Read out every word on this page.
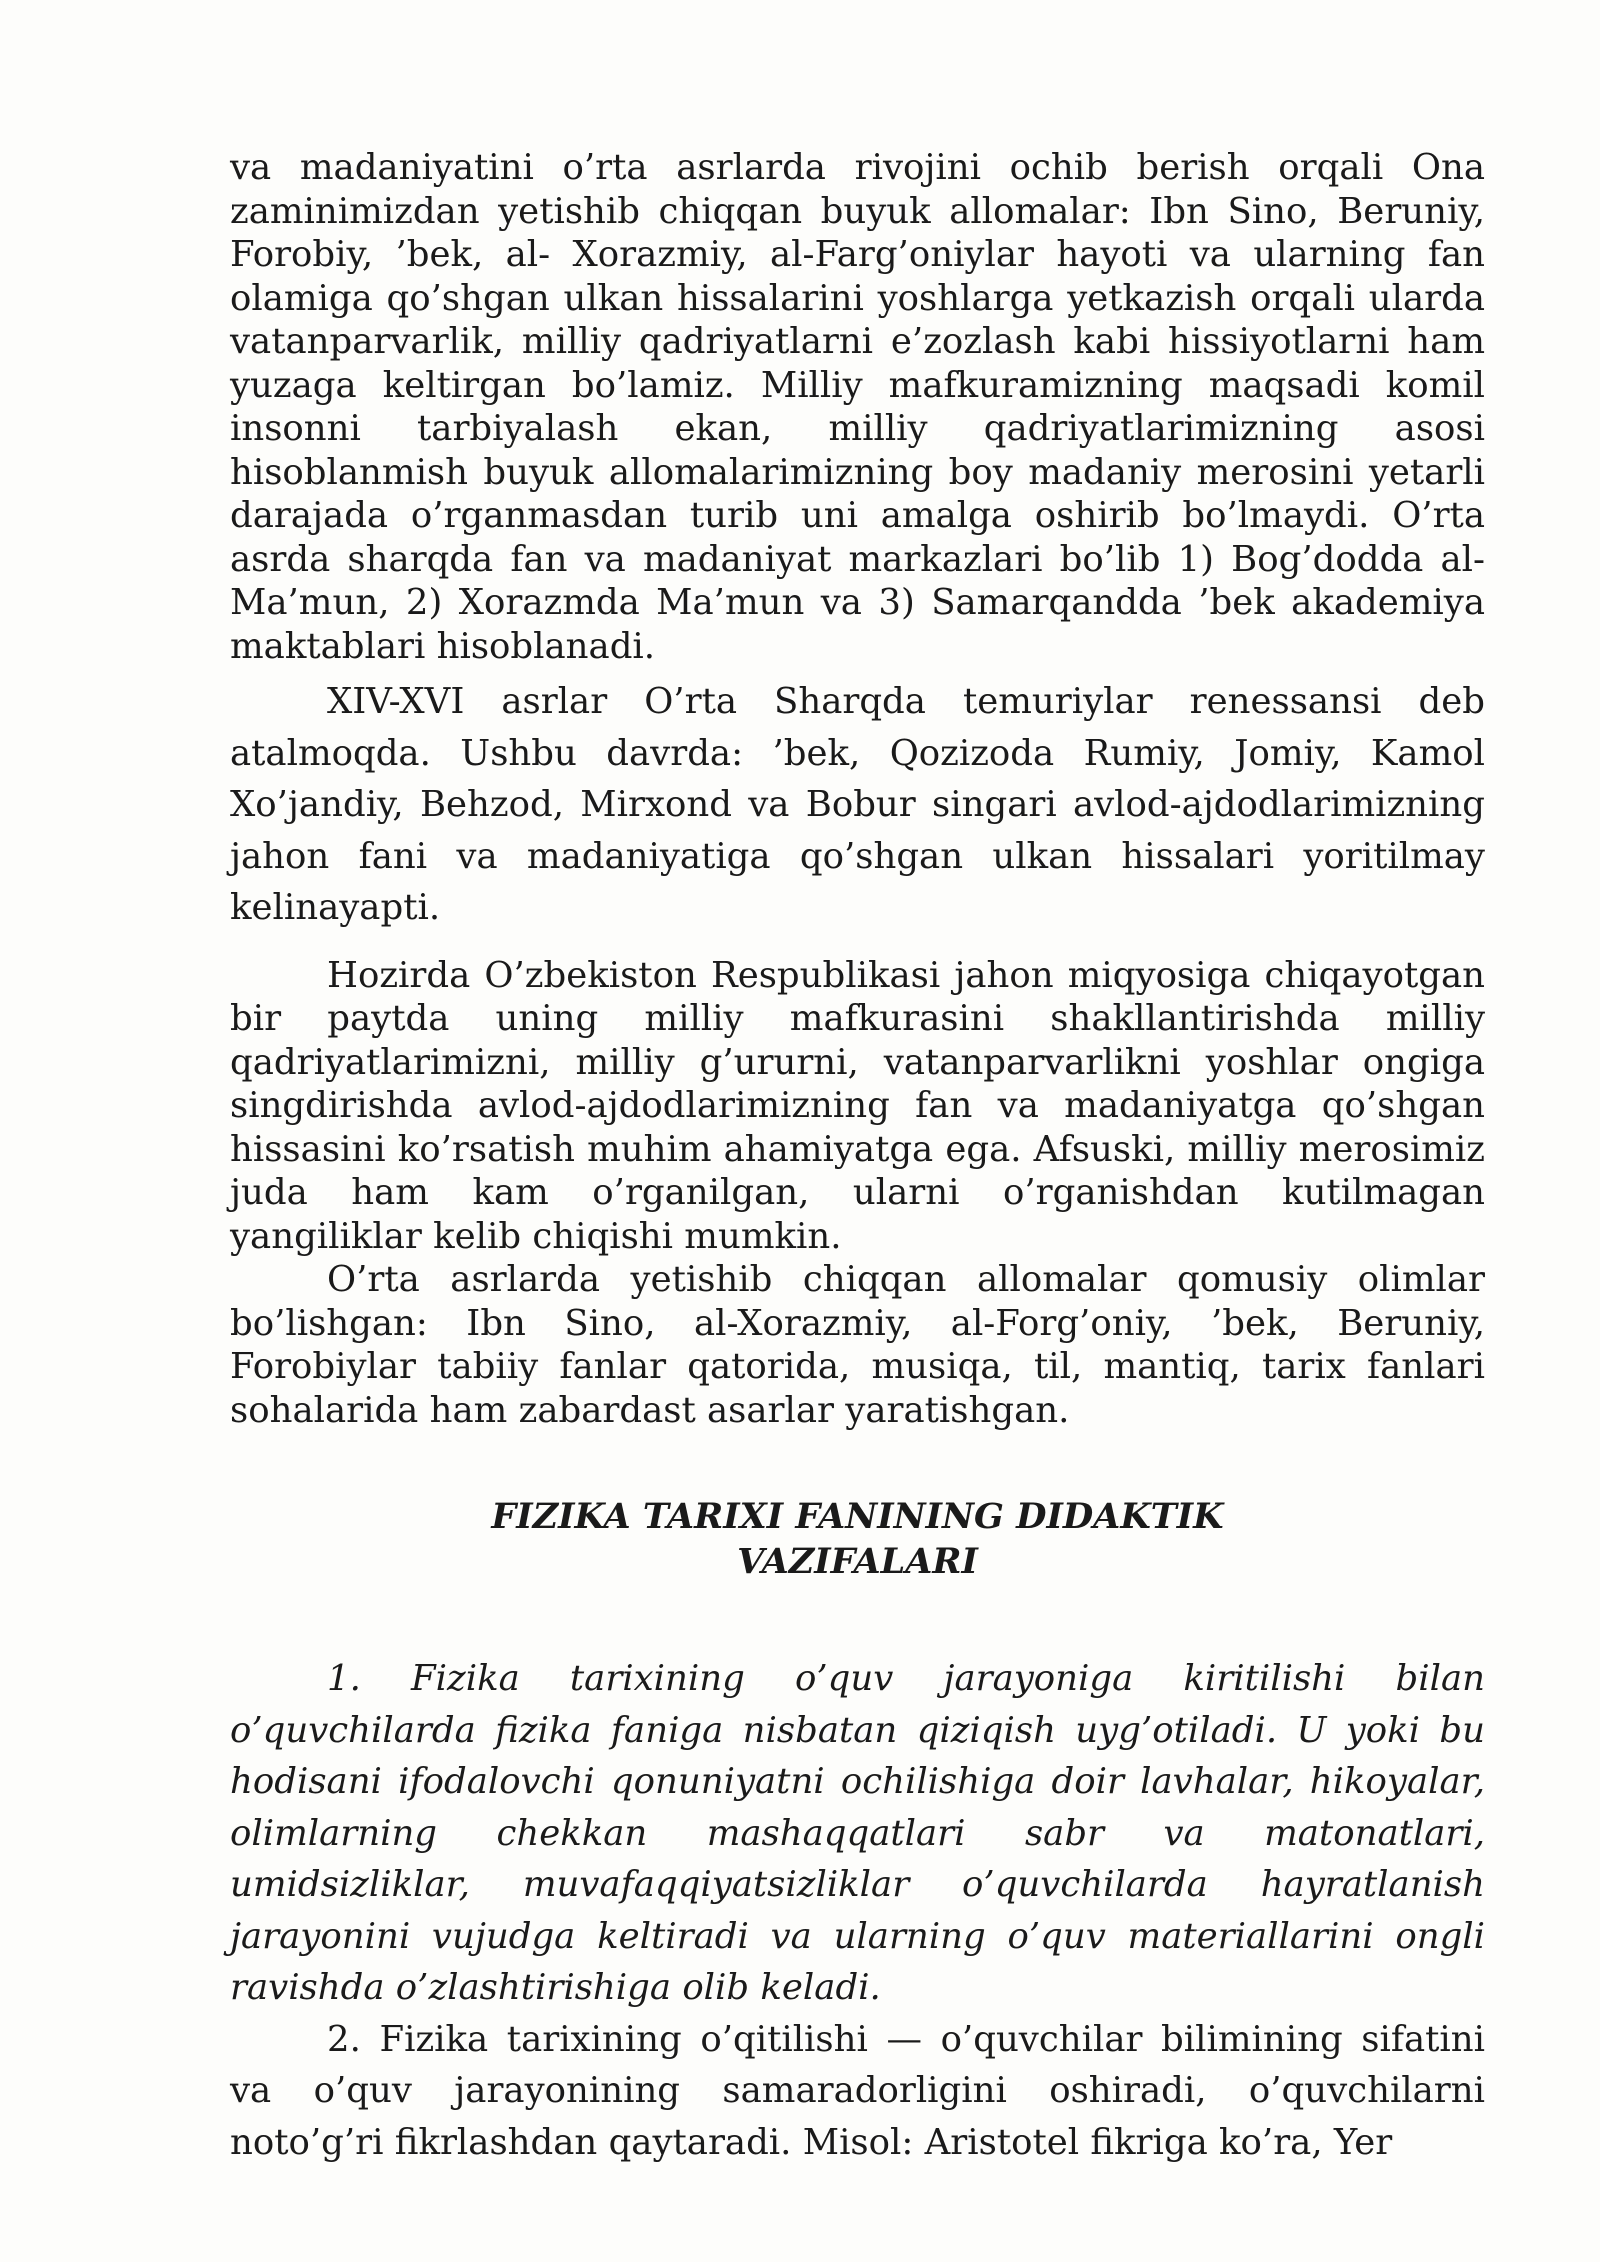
va madaniyatini o’rta asrlarda rivojini ochib berish orqali Ona zaminimizdan yetishib chiqqan buyuk allomalar: Ibn Sino, Beruniy, Forobiy, ’bek, al- Xorazmiy, al-Farg’oniylar hayoti va ularning fan olamiga qo’shgan ulkan hissalarini yoshlarga yetkazish orqali ularda vatanparvarlik, milliy qadriyatlarni e’zozlash kabi hissiyotlarni ham yuzaga keltirgan bo’lamiz. Milliy mafkuramizning maqsadi komil insonni tarbiyalash ekan, milliy qadriyatlarimizning asosi hisoblanmish buyuk allomalarimizning boy madaniy merosini yetarli darajada o’rganmasdan turib uni amalga oshirib bo’lmaydi. O’rta asrda sharqda fan va madaniyat markazlari bo’lib 1) Bog’dodda al-Ma’mun, 2) Xorazmda Ma’mun va 3) Samarqandda ’bek akademiya maktablari hisoblanadi.

XIV-XVI asrlar O’rta Sharqda temuriylar renessansi deb atalmoqda. Ushbu davrda: ’bek, Qozizoda Rumiy, Jomiy, Kamol Xo’jandiy, Behzod, Mirxond va Bobur singari avlod-ajdodlarimizning jahon fani va madaniyatiga qo’shgan ulkan hissalari yoritilmay kelinayapti.

Hozirda O’zbekiston Respublikasi jahon miqyosiga chiqayotgan bir paytda uning milliy mafkurasini shakllantirishda milliy qadriyatlarimizni, milliy g’ururni, vatanparvarlikni yoshlar ongiga singdirishda avlod-ajdodlarimizning fan va madaniyatga qo’shgan hissasini ko’rsatish muhim ahamiyatga ega. Afsuski, milliy merosimiz juda ham kam o’rganilgan, ularni o’rganishdan kutilmagan yangiliklar kelib chiqishi mumkin.

O’rta asrlarda yetishib chiqqan allomalar qomusiy olimlar bo’lishgan: Ibn Sino, al-Xorazmiy, al-Forg’oniy, ’bek, Beruniy, Forobiylar tabiiy fanlar qatorida, musiqa, til, mantiq, tarix fanlari sohalarida ham zabardast asarlar yaratishgan.

FIZIKA TARIXI FANINING DIDAKTIK
VAZIFALARI

1. Fizika tarixining o’quv jarayoniga kiritilishi bilan o’quvchilarda fizika faniga nisbatan qiziqish uyg’otiladi. U yoki bu hodisani ifodalovchi qonuniyatni ochilishiga doir lavhalar, hikoyalar, olimlarning chekkan mashaqqatlari sabr va matonatlari, umidsizliklar, muvafaqqiyatsizliklar o’quvchilarda hayratlanish jarayonini vujudga keltiradi va ularning o’quv materiallarini ongli ravishda o’zlashtirishiga olib keladi.

2. Fizika tarixining o’qitilishi — o’quvchilar bilimining sifatini va o’quv jarayonining samaradorligini oshiradi, o’quvchilarni noto’g’ri fikrlashdan qaytaradi. Misol: Aristotel fikriga ko’ra, Yer
